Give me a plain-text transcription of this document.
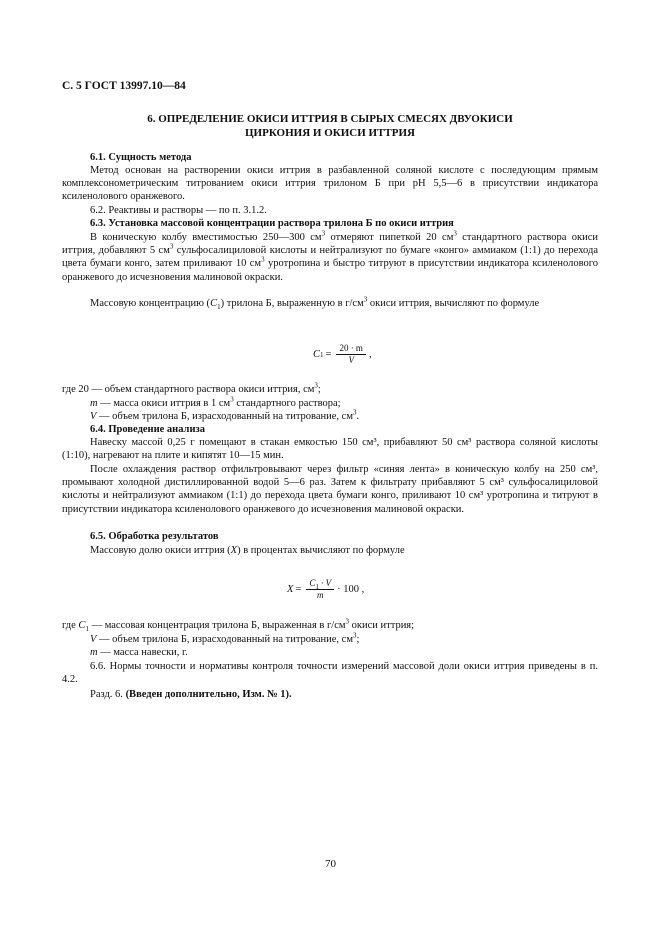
С. 5 ГОСТ 13997.10—84
6. ОПРЕДЕЛЕНИЕ ОКИСИ ИТТРИЯ В СЫРЫХ СМЕСЯХ ДВУОКИСИ
ЦИРКОНИЯ И ОКИСИ ИТТРИЯ
6.1. Сущность метода
Метод основан на растворении окиси иттрия в разбавленной соляной кислоте с последующим прямым комплексонометрическим титрованием окиси иттрия трилоном Б при рН 5,5—6 в присутствии индикатора ксиленолового оранжевого.
6.2. Реактивы и растворы — по п. 3.1.2.
6.3. Установка массовой концентрации раствора трилона Б по окиси иттрия
В коническую колбу вместимостью 250—300 $см^3$ отмеряют пипеткой 20 $см^3$ стандартного раствора окиси иттрия, добавляют 5 $см^3$ сульфосалициловой кислоты и нейтрализуют по бумаге «конго» аммиаком (1:1) до перехода цвета бумаги конго, затем приливают 10 $см^3$ уротропина и быстро титруют в присутствии индикатора ксиленолового оранжевого до исчезновения малиновой окраски.
Массовую концентрацию $(C_1)$ трилона Б, выраженную в $г/см^3$ окиси иттрия, вычисляют по формуле
C $1 = \frac{20 \cdot m}{V}$ ,
где 20 — объем стандартного раствора окиси иттрия, $см^3$;
m — масса окиси иттрия в 1 $см^3$ стандартного раствора;
V — объем трилона Б, израсходованный на титрование, $см^3$.
6.4. Проведение анализа
Навеску массой 0,25 г помещают в стакан емкостью 150 см³, прибавляют 50 см³ раствора соляной кислоты (1:10), нагревают на плите и кипятят 10—15 мин.
После охлаждения раствор отфильтровывают через фильтр «синяя лента» в коническую колбу на 250 см³, промывают холодной дистиллированной водой 5—6 раз. Затем к фильтрату прибавляют 5 см³ сульфосалициловой кислоты и нейтрализуют аммиаком (1:1) до перехода цвета бумаги конго, приливают 10 см³ уротропина и титруют в присутствии индикатора ксиленолового оранжевого до исчезновения малиновой окраски.
6.5. Обработка результатов
Массовую долю окиси иттрия (X) в процентах вычисляют по формуле
$X = \frac{C_1 \cdot V}{m} \cdot 100$ ,
где $C_1$ — массовая концентрация трилона Б, выраженная в $г/см^3$ окиси иттрия;
V — объем трилона Б, израсходованный на титрование, $см^3$;
m — масса навески, г.
6.6. Нормы точности и нормативы контроля точности измерений массовой доли окиси иттрия приведены в п. 4.2.
Разд. 6. (Введен дополнительно, Изм. № 1).
70
